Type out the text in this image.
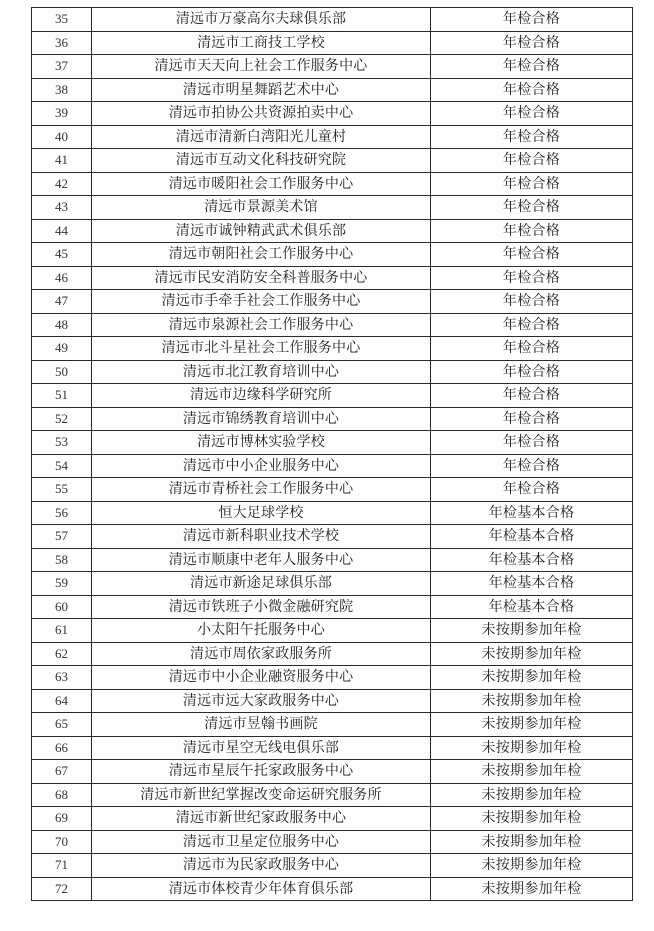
35	清远市万豪高尔夫球俱乐部	年检合格
36	清远市工商技工学校	年检合格
37	清远市天天向上社会工作服务中心	年检合格
38	清远市明星舞蹈艺术中心	年检合格
39	清远市拍协公共资源拍卖中心	年检合格
40	清远市清新白湾阳光儿童村	年检合格
41	清远市互动文化科技研究院	年检合格
42	清远市暖阳社会工作服务中心	年检合格
43	清远市景源美术馆	年检合格
44	清远市诚钟精武武术俱乐部	年检合格
45	清远市朝阳社会工作服务中心	年检合格
46	清远市民安消防安全科普服务中心	年检合格
47	清远市手牵手社会工作服务中心	年检合格
48	清远市泉源社会工作服务中心	年检合格
49	清远市北斗星社会工作服务中心	年检合格
50	清远市北江教育培训中心	年检合格
51	清远市边缘科学研究所	年检合格
52	清远市锦绣教育培训中心	年检合格
53	清远市博林实验学校	年检合格
54	清远市中小企业服务中心	年检合格
55	清远市青桥社会工作服务中心	年检合格
56	恒大足球学校	年检基本合格
57	清远市新科职业技术学校	年检基本合格
58	清远市顺康中老年人服务中心	年检基本合格
59	清远市新途足球俱乐部	年检基本合格
60	清远市铁班子小微金融研究院	年检基本合格
61	小太阳午托服务中心	未按期参加年检
62	清远市周依家政服务所	未按期参加年检
63	清远市中小企业融资服务中心	未按期参加年检
64	清远市远大家政服务中心	未按期参加年检
65	清远市昱翰书画院	未按期参加年检
66	清远市星空无线电俱乐部	未按期参加年检
67	清远市星辰午托家政服务中心	未按期参加年检
68	清远市新世纪掌握改变命运研究服务所	未按期参加年检
69	清远市新世纪家政服务中心	未按期参加年检
70	清远市卫星定位服务中心	未按期参加年检
71	清远市为民家政服务中心	未按期参加年检
72	清远市体校青少年体育俱乐部	未按期参加年检
